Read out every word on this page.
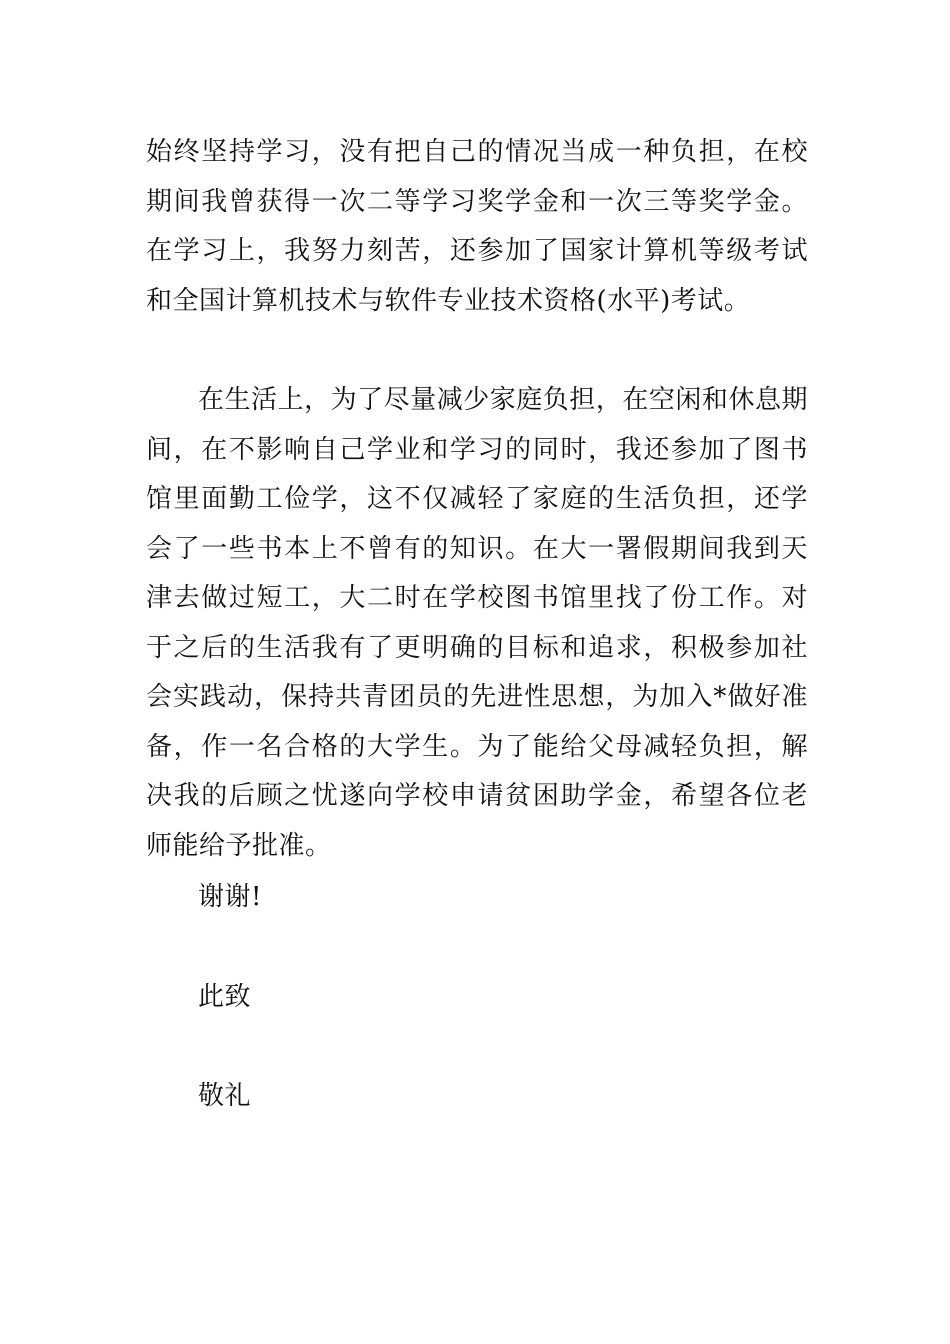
始终坚持学习，没有把自己的情况当成一种负担，在校期间我曾获得一次二等学习奖学金和一次三等奖学金。在学习上，我努力刻苦，还参加了国家计算机等级考试和全国计算机技术与软件专业技术资格(水平)考试。

在生活上，为了尽量减少家庭负担，在空闲和休息期间，在不影响自己学业和学习的同时，我还参加了图书馆里面勤工俭学，这不仅减轻了家庭的生活负担，还学会了一些书本上不曾有的知识。在大一署假期间我到天津去做过短工，大二时在学校图书馆里找了份工作。对于之后的生活我有了更明确的目标和追求，积极参加社会实践动，保持共青团员的先进性思想，为加入*做好准备，作一名合格的大学生。为了能给父母减轻负担，解决我的后顾之忧遂向学校申请贫困助学金，希望各位老师能给予批准。

谢谢!

此致

敬礼
